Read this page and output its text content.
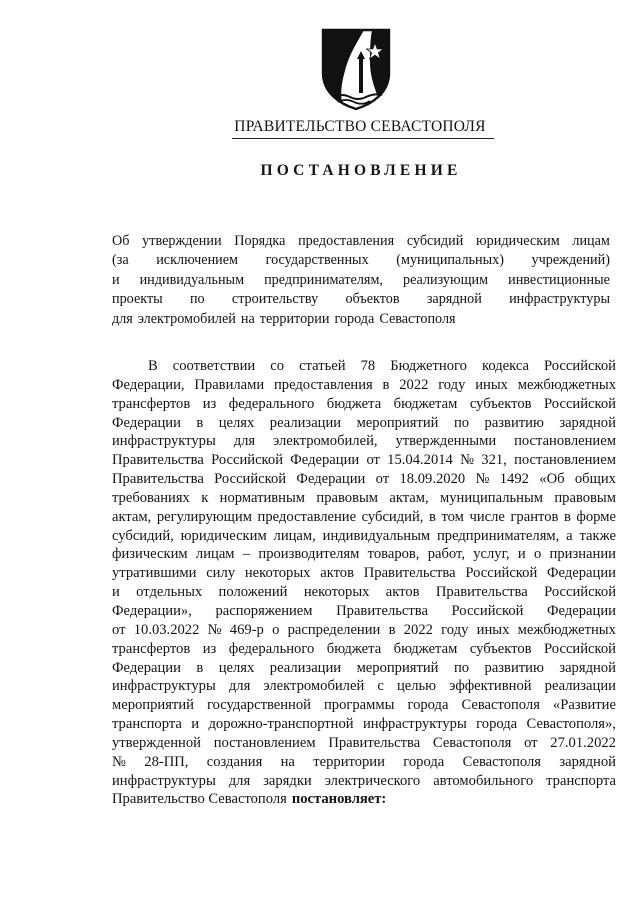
ПРАВИТЕЛЬСТВО СЕВАСТОПОЛЯ
ПОСТАНОВЛЕНИЕ
Об утверждении Порядка предоставления субсидий юридическим лицам
(за исключением государственных (муниципальных) учреждений)
и индивидуальным предпринимателям, реализующим инвестиционные
проекты по строительству объектов зарядной инфраструктуры
для электромобилей на территории города Севастополя
В соответствии со статьей 78 Бюджетного кодекса Российской
Федерации, Правилами предоставления в 2022 году иных межбюджетных
трансфертов из федерального бюджета бюджетам субъектов Российской
Федерации в целях реализации мероприятий по развитию зарядной
инфраструктуры для электромобилей, утвержденными постановлением
Правительства Российской Федерации от 15.04.2014 № 321, постановлением
Правительства Российской Федерации от 18.09.2020 № 1492 «Об общих
требованиях к нормативным правовым актам, муниципальным правовым
актам, регулирующим предоставление субсидий, в том числе грантов в форме
субсидий, юридическим лицам, индивидуальным предпринимателям, а также
физическим лицам – производителям товаров, работ, услуг, и о признании
утратившими силу некоторых актов Правительства Российской Федерации
и отдельных положений некоторых актов Правительства Российской
Федерации», распоряжением Правительства Российской Федерации
от 10.03.2022 № 469-р о распределении в 2022 году иных межбюджетных
трансфертов из федерального бюджета бюджетам субъектов Российской
Федерации в целях реализации мероприятий по развитию зарядной
инфраструктуры для электромобилей с целью эффективной реализации
мероприятий государственной программы города Севастополя «Развитие
транспорта и дорожно-транспортной инфраструктуры города Севастополя»,
утвержденной постановлением Правительства Севастополя от 27.01.2022
№ 28-ПП, создания на территории города Севастополя зарядной
инфраструктуры для зарядки электрического автомобильного транспорта
Правительство Севастополя постановляет:
